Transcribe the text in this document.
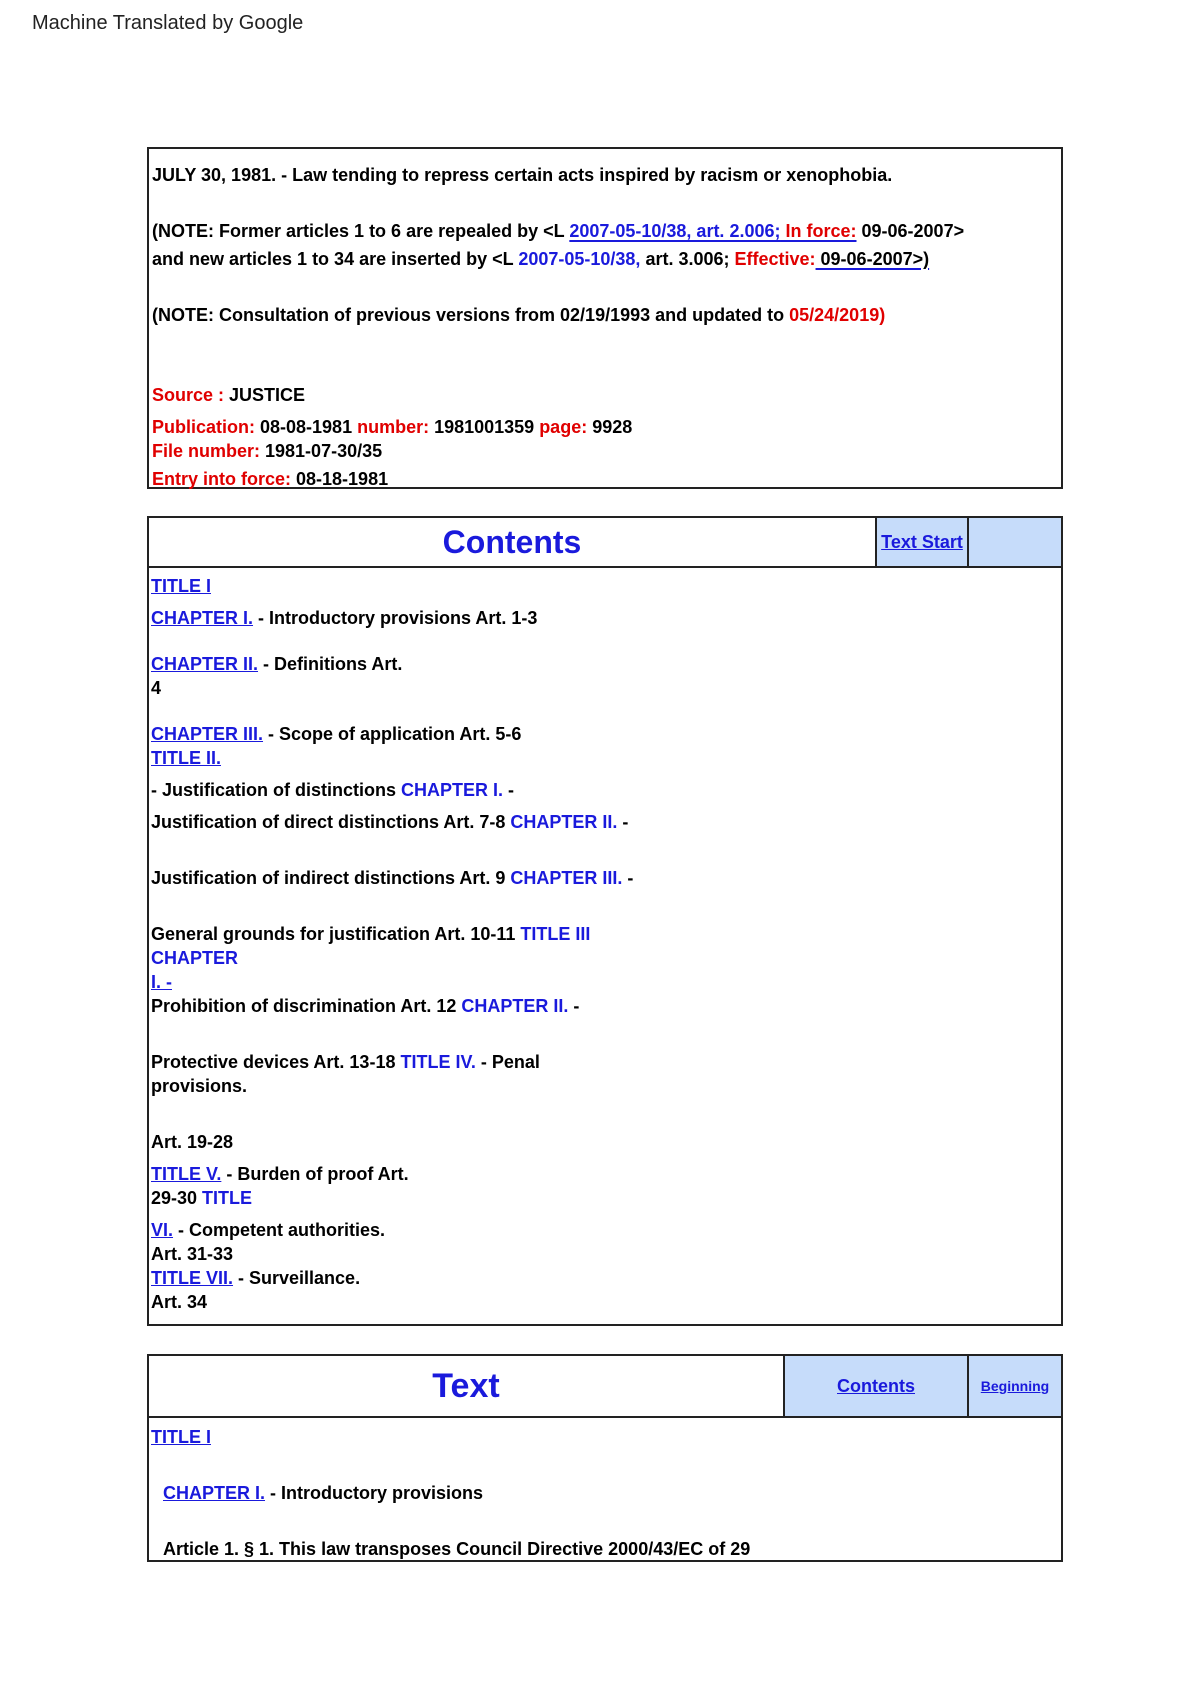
Machine Translated by Google

JULY 30, 1981. - Law tending to repress certain acts inspired by racism or xenophobia.

(NOTE: Former articles 1 to 6 are repealed by <L 2007-05-10/38, art. 2.006; In force: 09-06-2007>

and new articles 1 to 34 are inserted by <L 2007-05-10/38, art. 3.006; Effective: 09-06-2007>)

(NOTE: Consultation of previous versions from 02/19/1993 and updated to 05/24/2019)

Source : JUSTICE

Publication: 08-08-1981 number: 1981001359 page: 9928

File number: 1981-07-30/35

Entry into force: 08-18-1981

Contents	Text Start
TITLE I
CHAPTER I. - Introductory provisions Art. 1-3
CHAPTER II. - Definitions Art.
4
CHAPTER III. - Scope of application Art. 5-6
TITLE II.
- Justification of distinctions CHAPTER I. -
Justification of direct distinctions Art. 7-8 CHAPTER II. -
Justification of indirect distinctions Art. 9 CHAPTER III. -
General grounds for justification Art. 10-11 TITLE III
CHAPTER
I. -
Prohibition of discrimination Art. 12 CHAPTER II. -
Protective devices Art. 13-18 TITLE IV. - Penal
provisions.
Art. 19-28
TITLE V. - Burden of proof Art.
29-30 TITLE
VI. - Competent authorities.
Art. 31-33
TITLE VII. - Surveillance.
Art. 34
Text	Contents	Beginning
TITLE I
CHAPTER I. - Introductory provisions
Article 1. § 1. This law transposes Council Directive 2000/43/EC of 29
